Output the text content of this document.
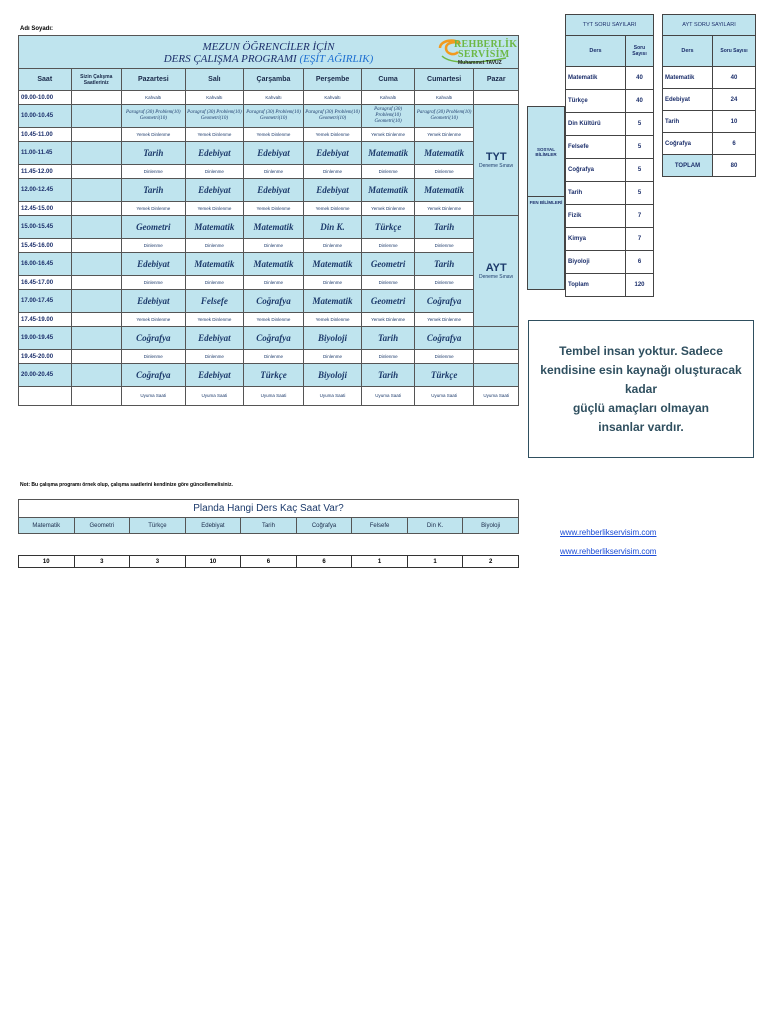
Adı Soyadı:
MEZUN ÖĞRENCİLER İÇİN
DERS ÇALIŞMA PROGRAMI (EŞİT AĞIRLIK)
REHBERLİK
SERVİSİM
Muhammet TAVUZ								

Saat	Sizin Çalışma Saatleriniz	Pazartesi	Salı	Çarşamba	Perşembe	Cuma	Cumartesi	Pazar
09.00-10.00		Kahvaltı	Kahvaltı	Kahvaltı	Kahvaltı	Kahvaltı	Kahvaltı	
10.00-10.45		Paragraf (30) Problem(10) Geometri(10)	Paragraf (30) Problem(10) Geometri(10)	Paragraf (30) Problem(10) Geometri(10)	Paragraf (30) Problem(10) Geometri(10)	Paragraf (30) Problem(10) Geometri(10)	Paragraf (30) Problem(10) Geometri(10)	TYT
Deneme Sınavı

10.45-11.00		Yemek Dinlenme	Yemek Dinlenme	Yemek Dinlenme	Yemek Dinlenme	Yemek Dinlenme	Yemek Dinlenme	
11.00-11.45		Tarih	Edebiyat	Edebiyat	Edebiyat	Matematik	Matematik	
11.45-12.00		Dinlenme	Dinlenme	Dinlenme	Dinlenme	Dinlenme	Dinlenme	
12.00-12.45		Tarih	Edebiyat	Edebiyat	Edebiyat	Matematik	Matematik	
12.45-15.00		Yemek Dinlenme	Yemek Dinlenme	Yemek Dinlenme	Yemek Dinlenme	Yemek Dinlenme	Yemek Dinlenme	
15.00-15.45		Geometri	Matematik	Matematik	Din K.	Türkçe	Tarih	AYT
Deneme Sınavı

15.45-16.00		Dinlenme	Dinlenme	Dinlenme	Dinlenme	Dinlenme	Dinlenme	
16.00-16.45		Edebiyat	Matematik	Matematik	Matematik	Geometri	Tarih	
16.45-17.00		Dinlenme	Dinlenme	Dinlenme	Dinlenme	Dinlenme	Dinlenme	
17.00-17.45		Edebiyat	Felsefe	Coğrafya	Matematik	Geometri	Coğrafya	
17.45-19.00		Yemek Dinlenme	Yemek Dinlenme	Yemek Dinlenme	Yemek Dinlenme	Yemek Dinlenme	Yemek Dinlenme	
19.00-19.45		Coğrafya	Edebiyat	Coğrafya	Biyoloji	Tarih	Coğrafya	
19.45-20.00		Dinlenme	Dinlenme	Dinlenme	Dinlenme	Dinlenme	Dinlenme	
20.00-20.45		Coğrafya	Edebiyat	Türkçe	Biyoloji	Tarih	Türkçe	
		Uyuma Saati	Uyuma Saati	Uyuma Saati	Uyuma Saati	Uyuma Saati	Uyuma Saati	Uyuma Saati
Not: Bu çalışma programı örnek olup, çalışma saatlerini kendinize göre güncellemelisiniz.
Planda Hangi Ders Kaç Saat Var?
Matematik	Geometri	Türkçe	Edebiyat	Tarih	Coğrafya	Felsefe	Din K.	Biyoloji
10	3	3	10	6	6	1	1	2
TYT SORU SAYILARI	
Ders	Soru Sayısı
Matematik	40
Türkçe	40
Din Kültürü	5
Felsefe	5
Coğrafya	5
Tarih	5
Fizik	7
Kimya	7
Biyoloji	6
Toplam	120
SOSYAL BİLİMLER
FEN BİLİMLERİ
AYT SORU SAYILARI	
Ders	Soru Sayısı
Matematik	40
Edebiyat	24
Tarih	10
Coğrafya	6
TOPLAM	80
Tembel insan yoktur. Sadece
kendisine esin kaynağı oluşturacak
kadar
güçlü amaçları olmayan
insanlar vardır.
www.rehberlikservisim.com
www.rehberlikservisim.com
